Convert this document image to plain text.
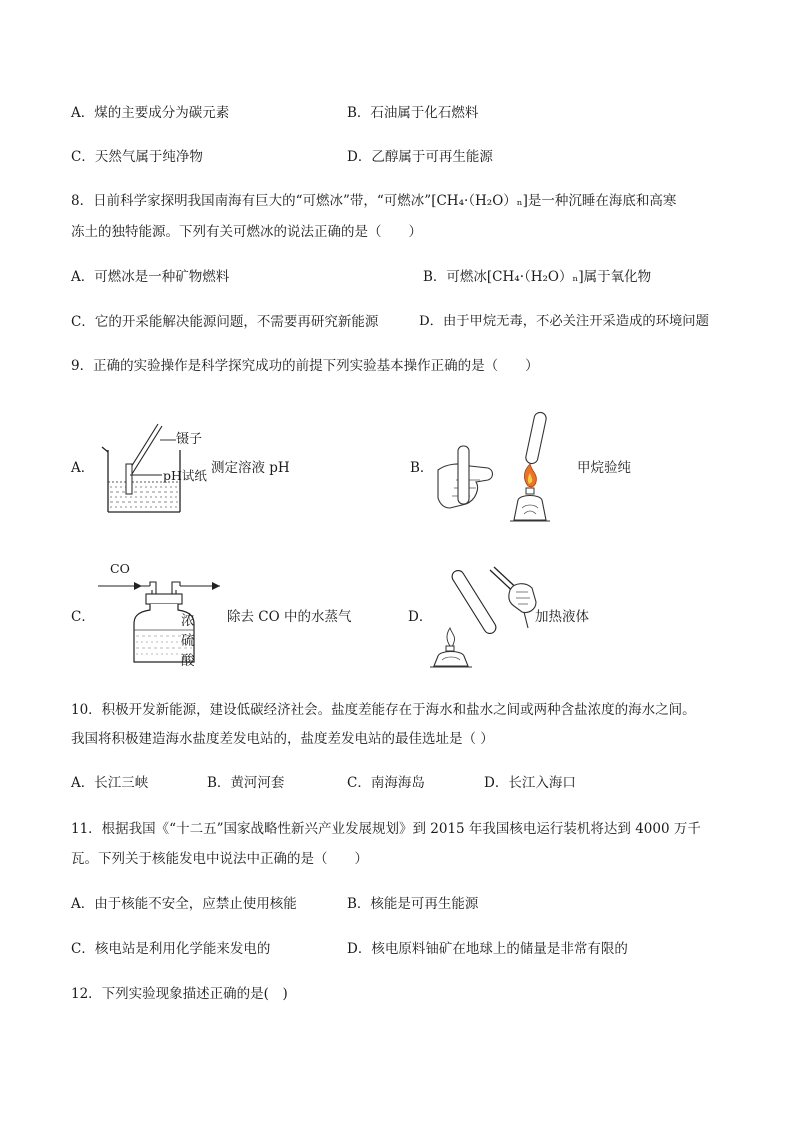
A．煤的主要成分为碳元素	B．石油属于化石燃料
C．天然气属于纯净物	D．乙醇属于可再生能源
8．日前科学家探明我国南海有巨大的“可燃冰”带，“可燃冰”[CH₄·（H₂O）ₙ]是一种沉睡在海底和高寒
冻土的独特能源。下列有关可燃冰的说法正确的是（　　）
A．可燃冰是一种矿物燃料	B．可燃冰[CH₄·（H₂O）ₙ]属于氧化物
C．它的开采能解决能源问题，不需要再研究新能源	D．由于甲烷无毒，不必关注开采造成的环境问题
9．正确的实验操作是科学探究成功的前提下列实验基本操作正确的是（　　）
A．
镊子
pH试纸 测定溶液 pH	B．	甲烷验纯
C．
CO
浓
硫
酸
除去 CO 中的水蒸气	D．	加热液体
10．积极开发新能源，建设低碳经济社会。盐度差能存在于海水和盐水之间或两种含盐浓度的海水之间。
我国将积极建造海水盐度差发电站的，盐度差发电站的最佳选址是（ ）
A．长江三峡	B．黄河河套	C．南海海岛	D．长江入海口
11．根据我国《“十二五”国家战略性新兴产业发展规划》到 2015 年我国核电运行装机将达到 4000 万千
瓦。下列关于核能发电中说法中正确的是（　　）
A．由于核能不安全，应禁止使用核能	B．核能是可再生能源
C．核电站是利用化学能来发电的	D．核电原料铀矿在地球上的储量是非常有限的
12．下列实验现象描述正确的是(　)
